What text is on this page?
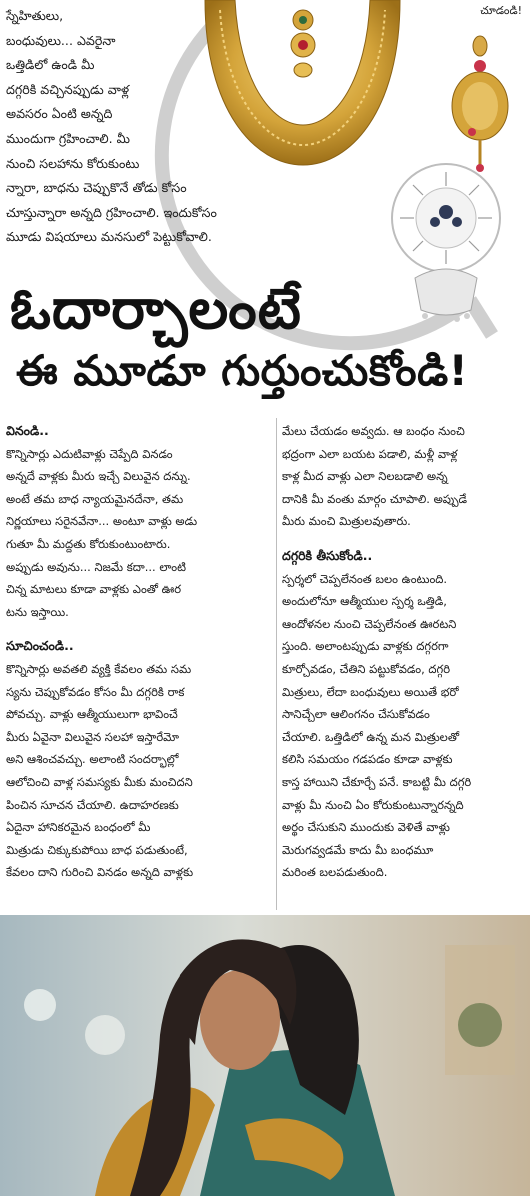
స్నేహితులు,
బంధువులు... ఎవరైనా
ఒత్తిడిలో ఉండి మీ
దగ్గరికి వచ్చినప్పుడు వాళ్ల
అవసరం ఏంటి అన్నది
ముందుగా గ్రహించాలి. మీ
నుంచి సలహాను కోరుకుంటు
న్నారా, బాధను చెప్పుకొనే తోడు కోసం
చూస్తున్నారా అన్నది గ్రహించాలి. ఇందుకోసం
మూడు విషయాలు మనసులో పెట్టుకోవాలి.
చూడండి!
ఓదార్చాలంటే
ఈ మూడూ గుర్తుంచుకోండి!
వినండి..
కొన్నిసార్లు ఎదుటివాళ్లు చెప్పేది వినడం
అన్నదే వాళ్లకు మీరు ఇచ్చే విలువైన దన్ను.
అంటే తమ బాధ న్యాయమైనదేనా, తమ
నిర్ణయాలు సరైనవేనా... అంటూ వాళ్లు అడు
గుతూ మీ మద్దతు కోరుకుంటుంటారు.
అప్పుడు అవును... నిజమే కదా... లాంటి
చిన్న మాటలు కూడా వాళ్లకు ఎంతో ఊర
టను ఇస్తాయి.
సూచించండి..
కొన్నిసార్లు అవతలి వ్యక్తి కేవలం తమ సమ
స్యను చెప్పుకోవడం కోసం మీ దగ్గరికి రాక
పోవచ్చు. వాళ్లు ఆత్మీయులుగా భావించే
మీరు ఏవైనా విలువైన సలహా ఇస్తారేమో
అని ఆశించవచ్చు. అలాంటి సందర్భాల్లో
ఆలోచించి వాళ్ల సమస్యకు మీకు మంచిదని
పించిన సూచన చేయాలి. ఉదాహరణకు
ఏదైనా హానికరమైన బంధంలో మీ
మిత్రుడు చిక్కుకుపోయి బాధ పడుతుంటే,
కేవలం దాని గురించి వినడం అన్నది వాళ్లకు
మేలు చేయడం అవ్వదు. ఆ బంధం నుంచి
భద్రంగా ఎలా బయట పడాలి, మళ్లీ వాళ్ల
కాళ్ల మీద వాళ్లు ఎలా నిలబడాలి అన్న
దానికి మీ వంతు మార్గం చూపాలి. అప్పుడే
మీరు మంచి మిత్రులవుతారు.
దగ్గరికి తీసుకోండి..
స్పర్శలో చెప్పలేనంత బలం ఉంటుంది.
అందులోనూ ఆత్మీయుల స్పర్శ ఒత్తిడి,
ఆందోళనల నుంచి చెప్పలేనంత ఊరటని
స్తుంది. అలాంటప్పుడు వాళ్లకు దగ్గరగా
కూర్చోవడం, చేతిని పట్టుకోవడం, దగ్గరి
మిత్రులు, లేదా బంధువులు అయితే భరో
సానిచ్చేలా ఆలింగనం చేసుకోవడం
చేయాలి. ఒత్తిడిలో ఉన్న మన మిత్రులతో
కలిసి సమయం గడపడం కూడా వాళ్లకు
కాస్త హాయిని చేకూర్చే పనే. కాబట్టి మీ దగ్గరి
వాళ్లు మీ నుంచి ఏం కోరుకుంటున్నారన్నది
అర్థం చేసుకుని ముందుకు వెళితే వాళ్లు
మెరుగవ్వడమే కాదు మీ బంధమూ
మరింత బలపడుతుంది.
